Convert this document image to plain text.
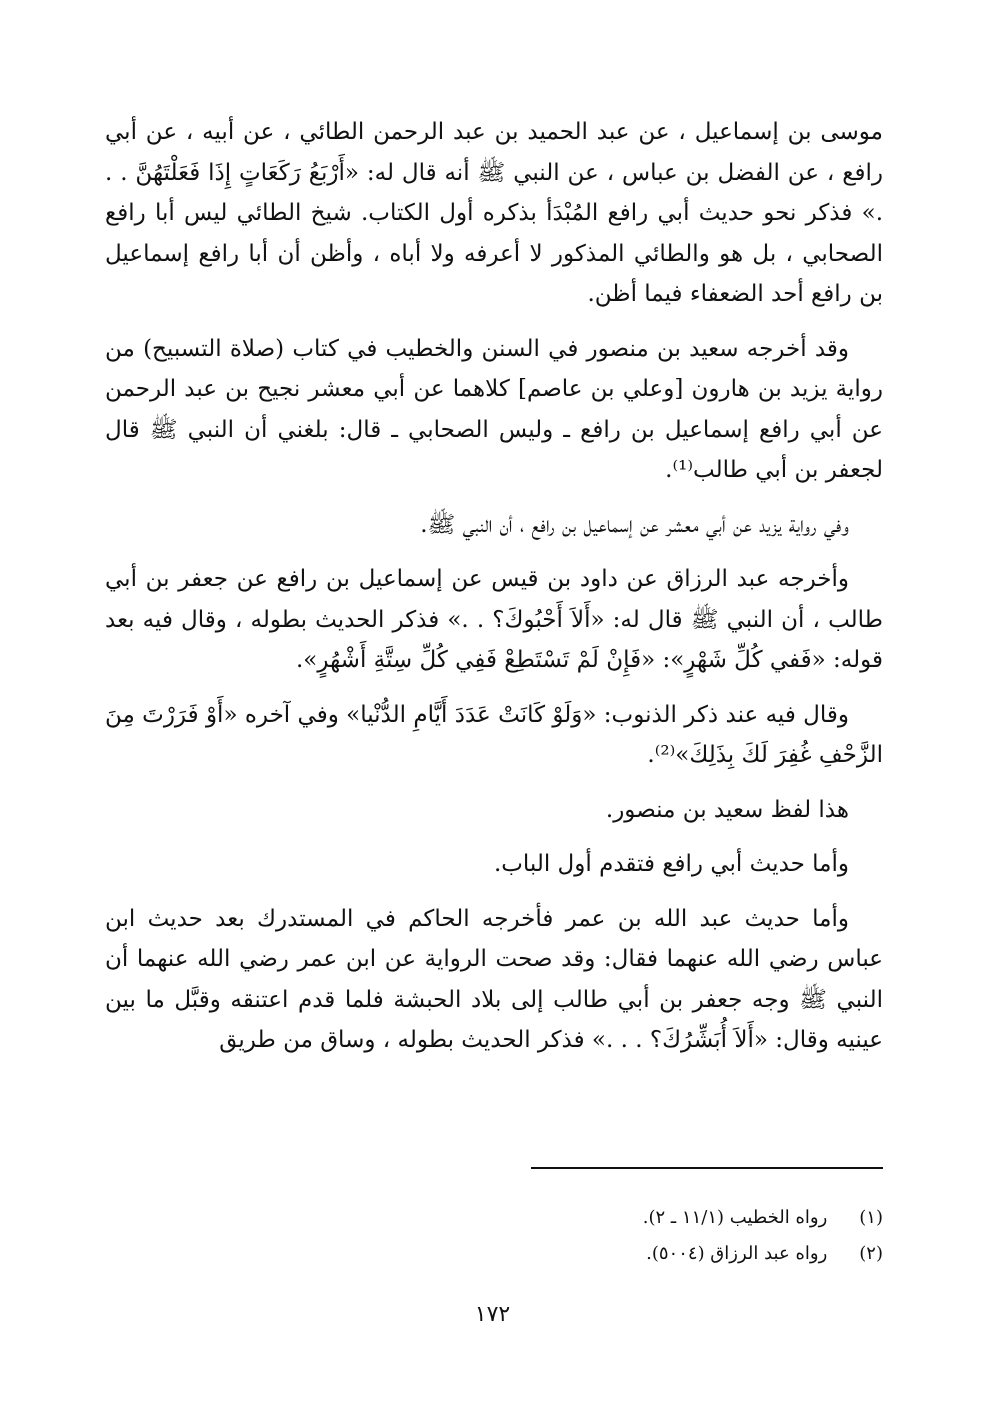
موسى بن إسماعيل ، عن عبد الحميد بن عبد الرحمن الطائي ، عن أبيه ، عن أبي رافع ، عن الفضل بن عباس ، عن النبي ﷺ أنه قال له: «أَرْبَعُ رَكَعَاتٍ إِذَا فَعَلْتَهُنَّ . . .» فذكر نحو حديث أبي رافع المُبْدَأ بذكره أول الكتاب. شيخ الطائي ليس أبا رافع الصحابي ، بل هو والطائي المذكور لا أعرفه ولا أباه ، وأظن أن أبا رافع إسماعيل بن رافع أحد الضعفاء فيما أظن.

وقد أخرجه سعيد بن منصور في السنن والخطيب في كتاب (صلاة التسبيح) من رواية يزيد بن هارون [وعلي بن عاصم] كلاهما عن أبي معشر نجيح بن عبد الرحمن عن أبي رافع إسماعيل بن رافع ـ وليس الصحابي ـ قال: بلغني أن النبي ﷺ قال لجعفر بن أبي طالب⁽¹⁾.

وفي رواية يزيد عن أبي معشر عن إسماعيل بن رافع ، أن النبي ﷺ.

وأخرجه عبد الرزاق عن داود بن قيس عن إسماعيل بن رافع عن جعفر بن أبي طالب ، أن النبي ﷺ قال له: «أَلاَ أَحْبُوكَ؟ . .» فذكر الحديث بطوله ، وقال فيه بعد قوله: «فَفي كُلِّ شَهْرٍ»: «فَإِنْ لَمْ تَسْتَطِعْ فَفِي كُلِّ سِتَّةِ أَشْهُرٍ».

وقال فيه عند ذكر الذنوب: «وَلَوْ كَانَتْ عَدَدَ أَيَّامِ الدُّنْيا» وفي آخره «أَوْ فَرَرْتَ مِنَ الزَّحْفِ غُفِرَ لَكَ بِذَلِكَ»⁽²⁾.

هذا لفظ سعيد بن منصور.

وأما حديث أبي رافع فتقدم أول الباب.

وأما حديث عبد الله بن عمر فأخرجه الحاكم في المستدرك بعد حديث ابن عباس رضي الله عنهما فقال: وقد صحت الرواية عن ابن عمر رضي الله عنهما أن النبي ﷺ وجه جعفر بن أبي طالب إلى بلاد الحبشة فلما قدم اعتنقه وقبَّل ما بين عينيه وقال: «أَلاَ أُبَشِّرُكَ؟ . . .» فذكر الحديث بطوله ، وساق من طريق

(١) رواه الخطيب (١١/١ ـ ٢).
(٢) رواه عبد الرزاق (٥٠٠٤).
١٧٢
